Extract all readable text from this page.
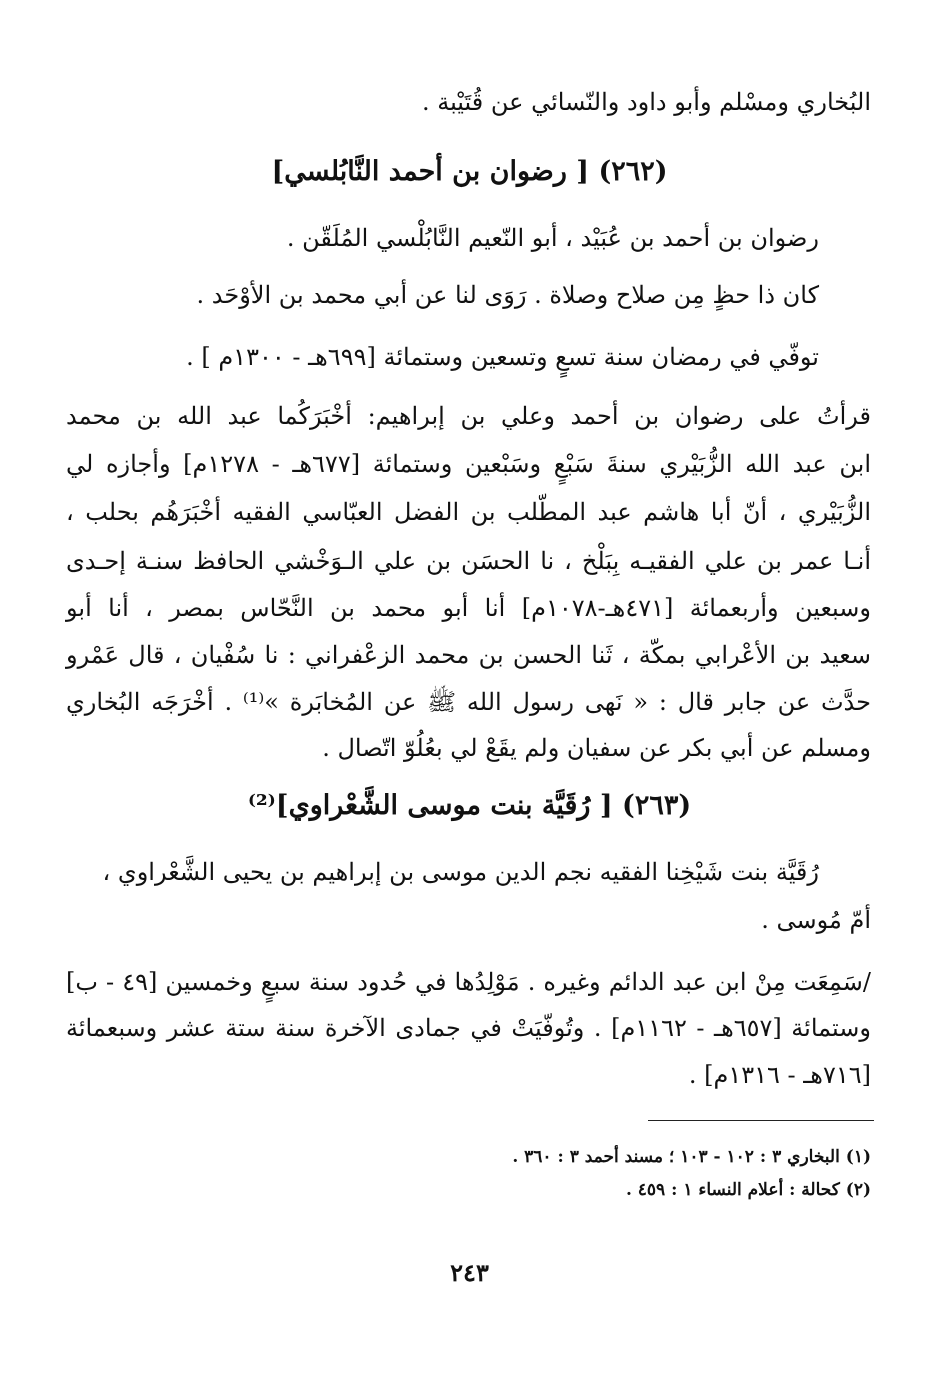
البُخاري ومسْلم وأبو داود والنّسائي عن قُتَيْبة .
(٢٦٢) [ رضوان بن أحمد النَّابُلسي]
رضوان بن أحمد بن عُبَيْد ، أبو النّعيم النَّابُلْسي المُلَقّن .
كان ذا حظٍ مِن صلاح وصلاة . رَوَى لنا عن أبي محمد بن الأوْحَد .
توفّي في رمضان سنة تسعٍ وتسعين وستمائة [٦٩٩هـ - ١٣٠٠م ] .
قرأتُ على رضوان بن أحمد وعلي بن إبراهيم: أخْبَرَكُما عبد الله بن محمد
ابن عبد الله الزُّبَيْري سنةَ سَبْعٍ وسَبْعين وستمائة [٦٧٧هـ - ١٢٧٨م] وأجازه لي
الزُّبَيْري ، أنّ أبا هاشم عبد المطّلب بن الفضل العبّاسي الفقيه أخْبَرَهُم بحلب ،
أنـا عمر بن علي الفقيـه بِبَلْخ ، نا الحسَن بن علي الـوَخْشي الحافظ سنـة إحـدى
وسبعين وأربعمائة [٤٧١هـ-١٠٧٨م] أنا أبو محمد بن النَّحّاس بمصر ، أنا أبو
سعيد بن الأعْرابي بمكّة ، ثَنا الحسن بن محمد الزعْفراني : نا سُفْيان ، قال عَمْرو
حدَّث عن جابر قال : « نَهى رسول الله ﷺ عن المُخابَرة »⁽¹⁾ . أخْرَجَه البُخاري
ومسلم عن أبي بكر عن سفيان ولم يقَعْ لي بعُلُوّ اتّصال .
(٢٦٣) [ رُقَيَّة بنت موسى الشَّعْراوي]⁽²⁾
رُقَيَّة بنت شَيْخِنا الفقيه نجم الدين موسى بن إبراهيم بن يحيى الشَّعْراوي ،
أمّ مُوسى .
/سَمِعَت مِنْ ابن عبد الدائم وغيره . مَوْلِدُها في حُدود سنة سبعٍ وخمسين [٤٩ - ب]
وستمائة [٦٥٧هـ - ١١٦٢م] . وتُوفّيَتْ في جمادى الآخرة سنة ستة عشر وسبعمائة
[٧١٦هـ - ١٣١٦م] .
(١) البخاري ٣ : ١٠٢ - ١٠٣ ؛ مسند أحمد ٣ : ٣٦٠ .
(٢) كحالة : أعلام النساء ١ : ٤٥٩ .
٢٤٣
